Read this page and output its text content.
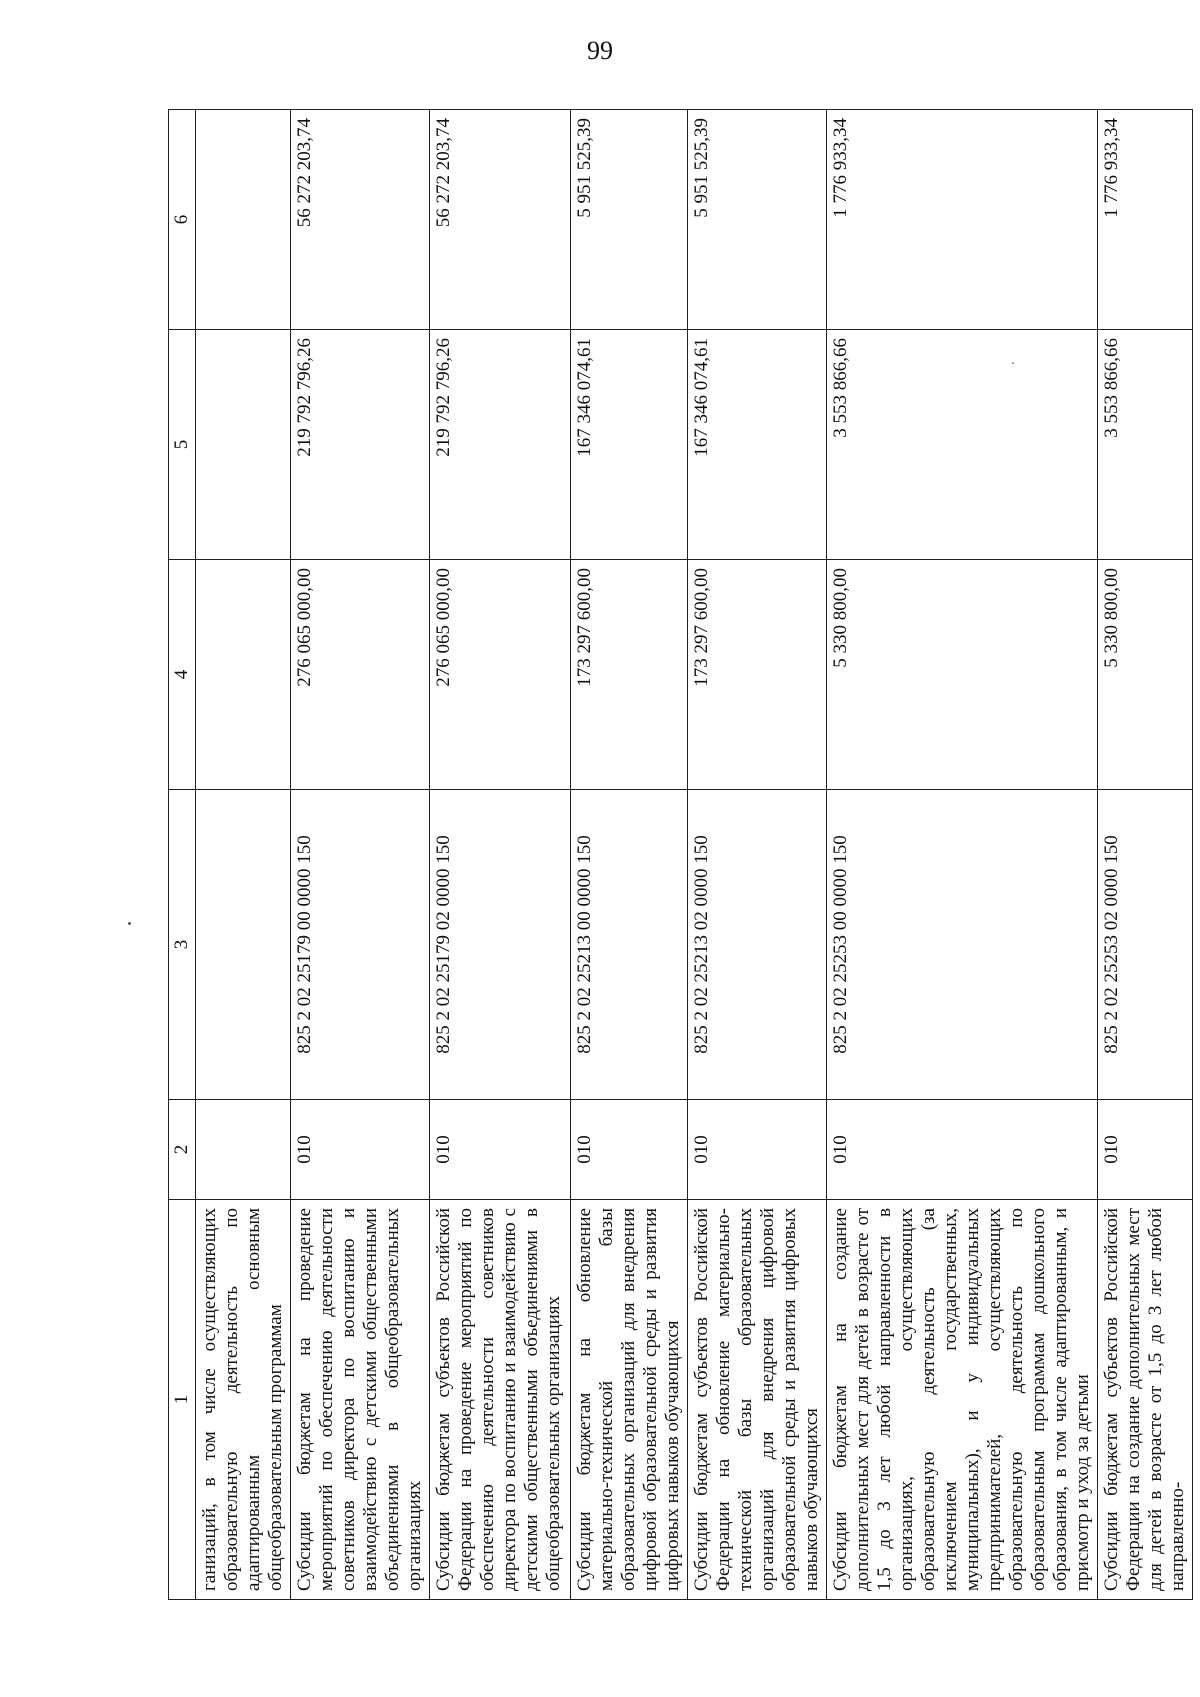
99
1	2	3	4	5	6
ганизаций, в том числе осуществляющих образовательную деятельность по адаптированным основным общеобразовательным программам					
Субсидии бюджетам на проведение мероприятий по обеспечению деятельности советников директора по воспитанию и взаимодействию с детскими общественными объединениями в общеобразовательных организациях	010	825 2 02 25179 00 0000 150	276 065 000,00	219 792 796,26	56 272 203,74
Субсидии бюджетам субъектов Российской Федерации на проведение мероприятий по обеспечению деятельности советников директора по воспитанию и взаимодействию с детскими общественными объединениями в общеобразовательных организациях	010	825 2 02 25179 02 0000 150	276 065 000,00	219 792 796,26	56 272 203,74
Субсидии бюджетам на обновление материально-технической базы образовательных организаций для внедрения цифровой образовательной среды и развития цифровых навыков обучающихся	010	825 2 02 25213 00 0000 150	173 297 600,00	167 346 074,61	5 951 525,39
Субсидии бюджетам субъектов Российской Федерации на обновление материально-технической базы образовательных организаций для внедрения цифровой образовательной среды и развития цифровых навыков обучающихся	010	825 2 02 25213 02 0000 150	173 297 600,00	167 346 074,61	5 951 525,39
Субсидии бюджетам на создание дополнительных мест для детей в возрасте от 1,5 до 3 лет любой направленности в организациях, осуществляющих образовательную деятельность (за исключением государственных, муниципальных), и у индивидуальных предпринимателей, осуществляющих образовательную деятельность по образовательным программам дошкольного образования, в том числе адаптированным, и присмотр и уход за детьми	010	825 2 02 25253 00 0000 150	5 330 800,00	3 553 866,66	1 776 933,34
Субсидии бюджетам субъектов Российской Федерации на создание дополнительных мест для детей в возрасте от 1,5 до 3 лет любой направленно-	010	825 2 02 25253 02 0000 150	5 330 800,00	3 553 866,66	1 776 933,34
